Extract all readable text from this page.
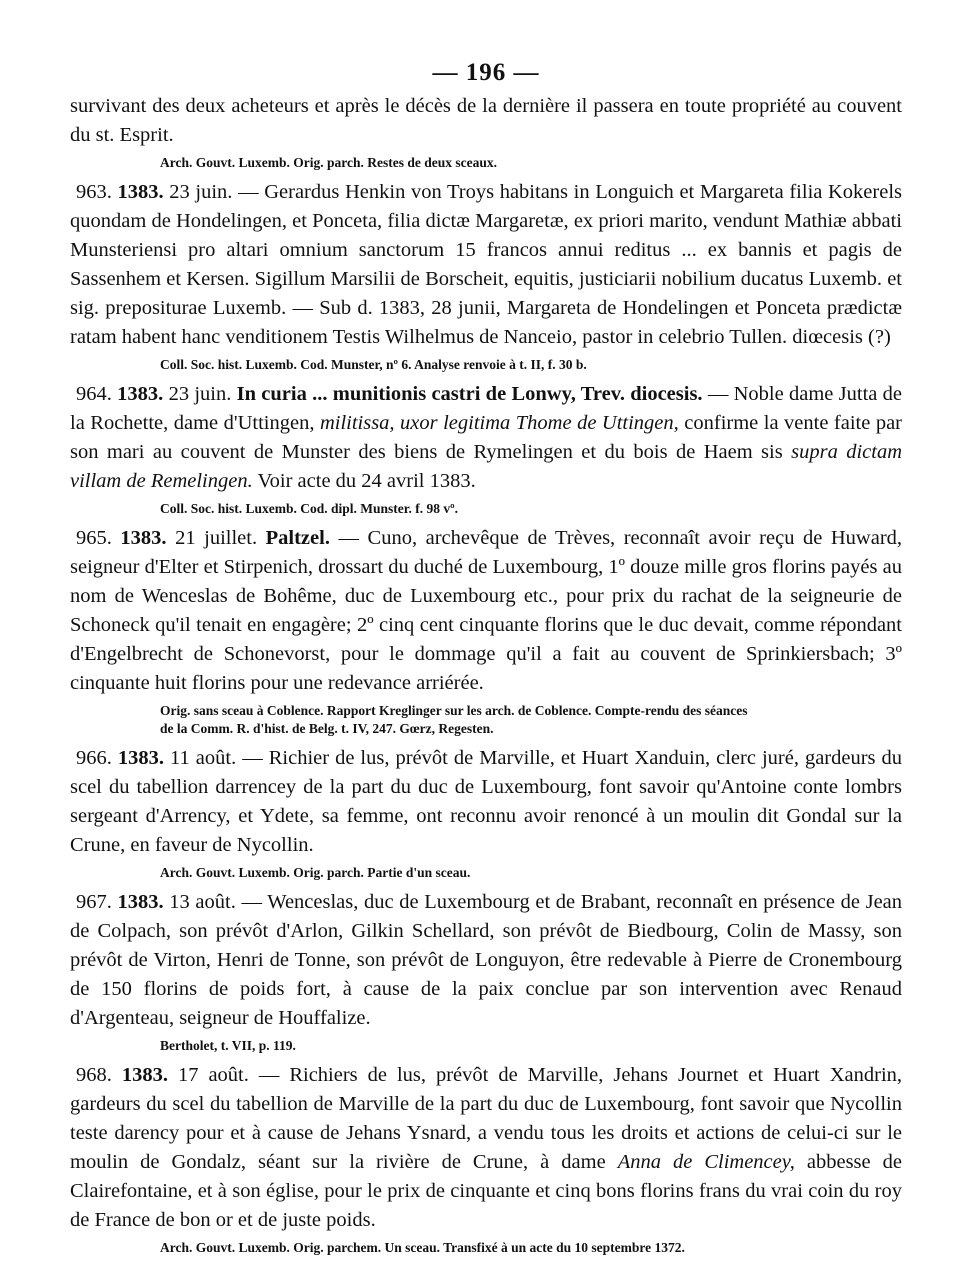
— 196 —

survivant des deux acheteurs et après le décès de la dernière il passera en toute propriété au couvent du st. Esprit.

Arch. Gouvt. Luxemb. Orig. parch. Restes de deux sceaux.

963. 1383. 23 juin. — Gerardus Henkin von Troys habitans in Longuich et Margareta filia Kokerels quondam de Hondelingen, et Ponceta, filia dictæ Margaretæ, ex priori marito, vendunt Mathiæ abbati Munsteriensi pro altari omnium sanctorum 15 francos annui reditus ... ex bannis et pagis de Sassenhem et Kersen. Sigillum Marsilii de Borscheit, equitis, justiciarii nobilium ducatus Luxemb. et sig. prepositurae Luxemb. — Sub d. 1383, 28 junii, Margareta de Hondelingen et Ponceta prædictæ ratam habent hanc venditionem Testis Wilhelmus de Nanceio, pastor in celebrio Tullen. diœcesis (?)

Coll. Soc. hist. Luxemb. Cod. Munster, nº 6. Analyse renvoie à t. II, f. 30 b.

964. 1383. 23 juin. In curia ... munitionis castri de Lonwy, Trev. diocesis. — Noble dame Jutta de la Rochette, dame d'Uttingen, militissa, uxor legitima Thome de Uttingen, confirme la vente faite par son mari au couvent de Munster des biens de Rymelingen et du bois de Haem sis supra dictam villam de Remelingen. Voir acte du 24 avril 1383.

Coll. Soc. hist. Luxemb. Cod. dipl. Munster. f. 98 vº.

965. 1383. 21 juillet. Paltzel. — Cuno, archevêque de Trèves, reconnaît avoir reçu de Huward, seigneur d'Elter et Stirpenich, drossart du duché de Luxembourg, 1º douze mille gros florins payés au nom de Wenceslas de Bohême, duc de Luxembourg etc., pour prix du rachat de la seigneurie de Schoneck qu'il tenait en engagère; 2º cinq cent cinquante florins que le duc devait, comme répondant d'Engelbrecht de Schonevorst, pour le dommage qu'il a fait au couvent de Sprinkiersbach; 3º cinquante huit florins pour une redevance arriérée.

Orig. sans sceau à Coblence. Rapport Kreglinger sur les arch. de Coblence. Compte-rendu des séances
de la Comm. R. d'hist. de Belg. t. IV, 247. Gœrz, Regesten.

966. 1383. 11 août. — Richier de lus, prévôt de Marville, et Huart Xanduin, clerc juré, gardeurs du scel du tabellion darrencey de la part du duc de Luxembourg, font savoir qu'Antoine conte lombrs sergeant d'Arrency, et Ydete, sa femme, ont reconnu avoir renoncé à un moulin dit Gondal sur la Crune, en faveur de Nycollin.

Arch. Gouvt. Luxemb. Orig. parch. Partie d'un sceau.

967. 1383. 13 août. — Wenceslas, duc de Luxembourg et de Brabant, reconnaît en présence de Jean de Colpach, son prévôt d'Arlon, Gilkin Schellard, son prévôt de Biedbourg, Colin de Massy, son prévôt de Virton, Henri de Tonne, son prévôt de Longuyon, être redevable à Pierre de Cronembourg de 150 florins de poids fort, à cause de la paix conclue par son intervention avec Renaud d'Argenteau, seigneur de Houffalize.

Bertholet, t. VII, p. 119.

968. 1383. 17 août. — Richiers de lus, prévôt de Marville, Jehans Journet et Huart Xandrin, gardeurs du scel du tabellion de Marville de la part du duc de Luxembourg, font savoir que Nycollin teste darency pour et à cause de Jehans Ysnard, a vendu tous les droits et actions de celui-ci sur le moulin de Gondalz, séant sur la rivière de Crune, à dame Anna de Climencey, abbesse de Clairefontaine, et à son église, pour le prix de cinquante et cinq bons florins frans du vrai coin du roy de France de bon or et de juste poids.

Arch. Gouvt. Luxemb. Orig. parchem. Un sceau. Transfixé à un acte du 10 septembre 1372.
